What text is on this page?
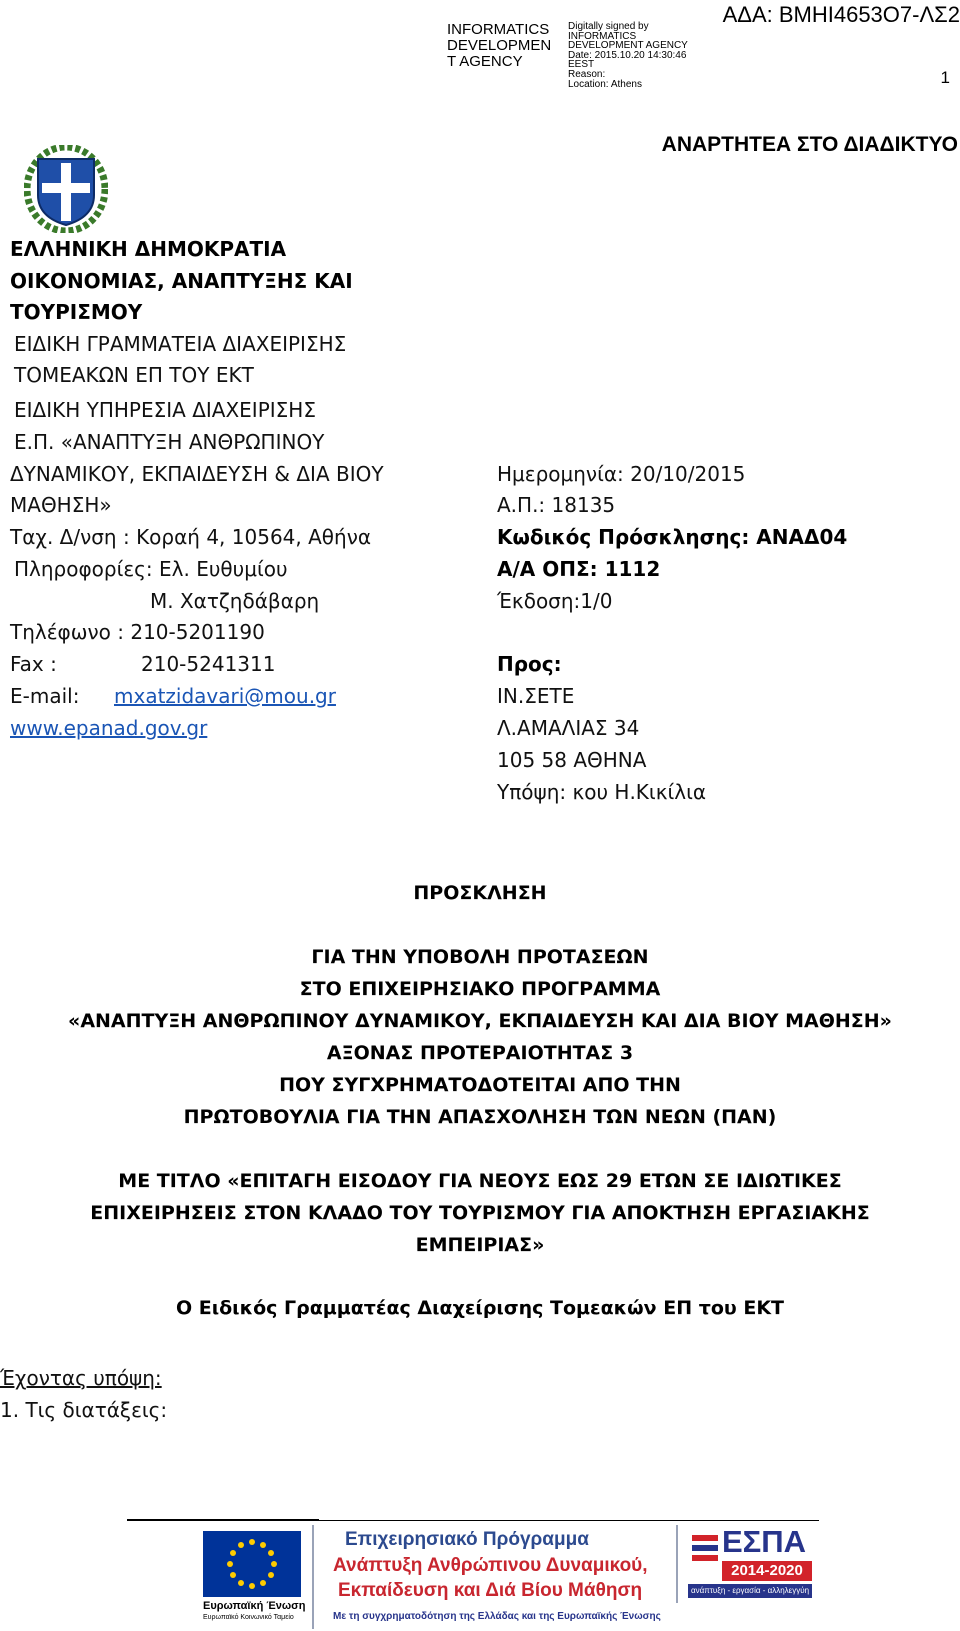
INFORMATICS
DEVELOPMEN
T AGENCY
Digitally signed by
INFORMATICS
DEVELOPMENT AGENCY
Date: 2015.10.20 14:30:46
EEST
Reason:
Location: Athens
ΑΔΑ: ΒΜΗΙ4653Ο7-ΛΣ2
1
ΑΝΑΡΤΗΤΕΑ ΣΤΟ ΔΙΑΔΙΚΤΥΟ
ΕΛΛΗΝΙΚΗ ΔΗΜΟΚΡΑΤΙΑ
ΟΙΚΟΝΟΜΙΑΣ, ΑΝΑΠΤΥΞΗΣ ΚΑΙ
ΤΟΥΡΙΣΜΟΥ
ΕΙΔΙΚΗ ΓΡΑΜΜΑΤΕΙΑ ΔΙΑΧΕΙΡΙΣΗΣ
ΤΟΜΕΑΚΩΝ ΕΠ ΤΟΥ ΕΚΤ
ΕΙΔΙΚΗ ΥΠΗΡΕΣΙΑ ΔΙΑΧΕΙΡΙΣΗΣ
Ε.Π. «ΑΝΑΠΤΥΞΗ ΑΝΘΡΩΠΙΝΟΥ
ΔΥΝΑΜΙΚΟΥ, ΕΚΠΑΙΔΕΥΣΗ & ΔΙΑ ΒΙΟΥ
ΜΑΘΗΣΗ»
Ταχ. Δ/νση : Κοραή 4, 10564, Αθήνα
Πληροφορίες: Ελ. Ευθυμίου
Μ. Χατζηδάβαρη
Τηλέφωνο : 210-5201190
Fax :	210-5241311
E-mail: mxatzidavari@mou.gr
www.epanad.gov.gr
Ημερομηνία: 20/10/2015
Α.Π.: 18135
Κωδικός Πρόσκλησης: ΑΝΑΔ04
Α/Α ΟΠΣ: 1112
Έκδοση:1/0
Προς:
ΙΝ.ΣΕΤΕ
Λ.ΑΜΑΛΙΑΣ 34
105 58 ΑΘΗΝΑ
Υπόψη: κου Η.Κικίλια
ΠΡΟΣΚΛΗΣΗ
ΓΙΑ ΤΗΝ ΥΠΟΒΟΛΗ ΠΡΟΤΑΣΕΩΝ
ΣΤΟ ΕΠΙΧΕΙΡΗΣΙΑΚΟ ΠΡΟΓΡΑΜΜΑ
«ΑΝΑΠΤΥΞΗ ΑΝΘΡΩΠΙΝΟΥ ΔΥΝΑΜΙΚΟΥ, ΕΚΠΑΙΔΕΥΣΗ ΚΑΙ ΔΙΑ ΒΙΟΥ ΜΑΘΗΣΗ»
ΑΞΟΝΑΣ ΠΡΟΤΕΡΑΙΟΤΗΤΑΣ 3
ΠΟΥ ΣΥΓΧΡΗΜΑΤΟΔΟΤΕΙΤΑΙ ΑΠΟ ΤΗΝ
ΠΡΩΤΟΒΟΥΛΙΑ ΓΙΑ ΤΗΝ ΑΠΑΣΧΟΛΗΣΗ ΤΩΝ ΝΕΩΝ (ΠΑΝ)
ΜΕ ΤΙΤΛΟ «ΕΠΙΤΑΓΗ ΕΙΣΟΔΟΥ ΓΙΑ ΝΕΟΥΣ ΕΩΣ 29 ΕΤΩΝ ΣΕ ΙΔΙΩΤΙΚΕΣ
ΕΠΙΧΕΙΡΗΣΕΙΣ ΣΤΟΝ ΚΛΑΔΟ ΤΟΥ ΤΟΥΡΙΣΜΟΥ ΓΙΑ ΑΠΟΚΤΗΣΗ ΕΡΓΑΣΙΑΚΗΣ
ΕΜΠΕΙΡΙΑΣ»
Ο Ειδικός Γραμματέας Διαχείρισης Τομεακών ΕΠ του ΕΚΤ
Έχοντας υπόψη:
1. Τις διατάξεις:
Ευρωπαϊκή Ένωση
Ευρωπαϊκό Κοινωνικό Ταμείο
Επιχειρησιακό Πρόγραμμα
Ανάπτυξη Ανθρώπινου Δυναμικού,
Εκπαίδευση και Διά Βίου Μάθηση
Με τη συγχρηματοδότηση της Ελλάδας και της Ευρωπαϊκής Ένωσης
ΕΣΠΑ
2014-2020
ανάπτυξη - εργασία - αλληλεγγύη
